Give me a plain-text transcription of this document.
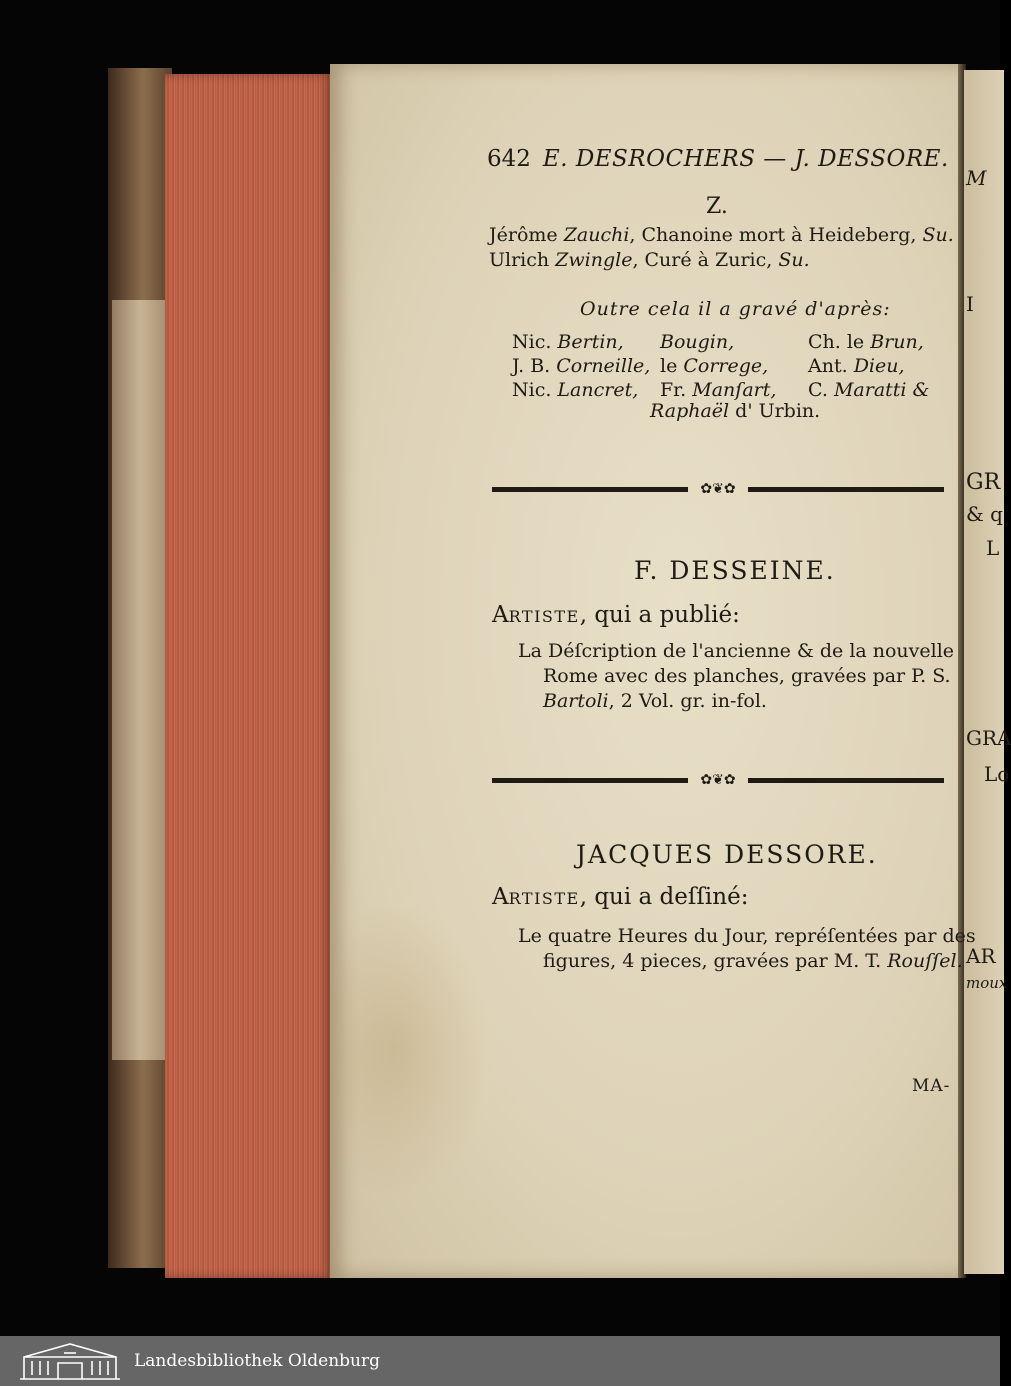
M
I
GR
& q
L
GRA
Lo
AR
moux
642 E. DESROCHERS — J. DESSORE.
Z.
Jérôme Zauchi, Chanoine mort à Heideberg, Su.
Ulrich Zwingle, Curé à Zuric, Su.
Outre cela il a gravé d'après:
Nic. Bertin,
J. B. Corneille,
Nic. Lancret,
Bougin,
le Correge,
Fr. Manſart,
Ch. le Brun,
Ant. Dieu,
C. Maratti &
Raphaël d' Urbin.
✿❦✿
F. DESSEINE.
ARTISTE, qui a publié:
La Déſcription de l'ancienne & de la nouvelle
Rome avec des planches, gravées par P. S.
Bartoli, 2 Vol. gr. in-fol.
✿❦✿
JACQUES DESSORE.
ARTISTE, qui a deſſiné:
Le quatre Heures du Jour, repréſentées par des
figures, 4 pieces, gravées par M. T. Rouſſel.
MA-
Landesbibliothek Oldenburg
